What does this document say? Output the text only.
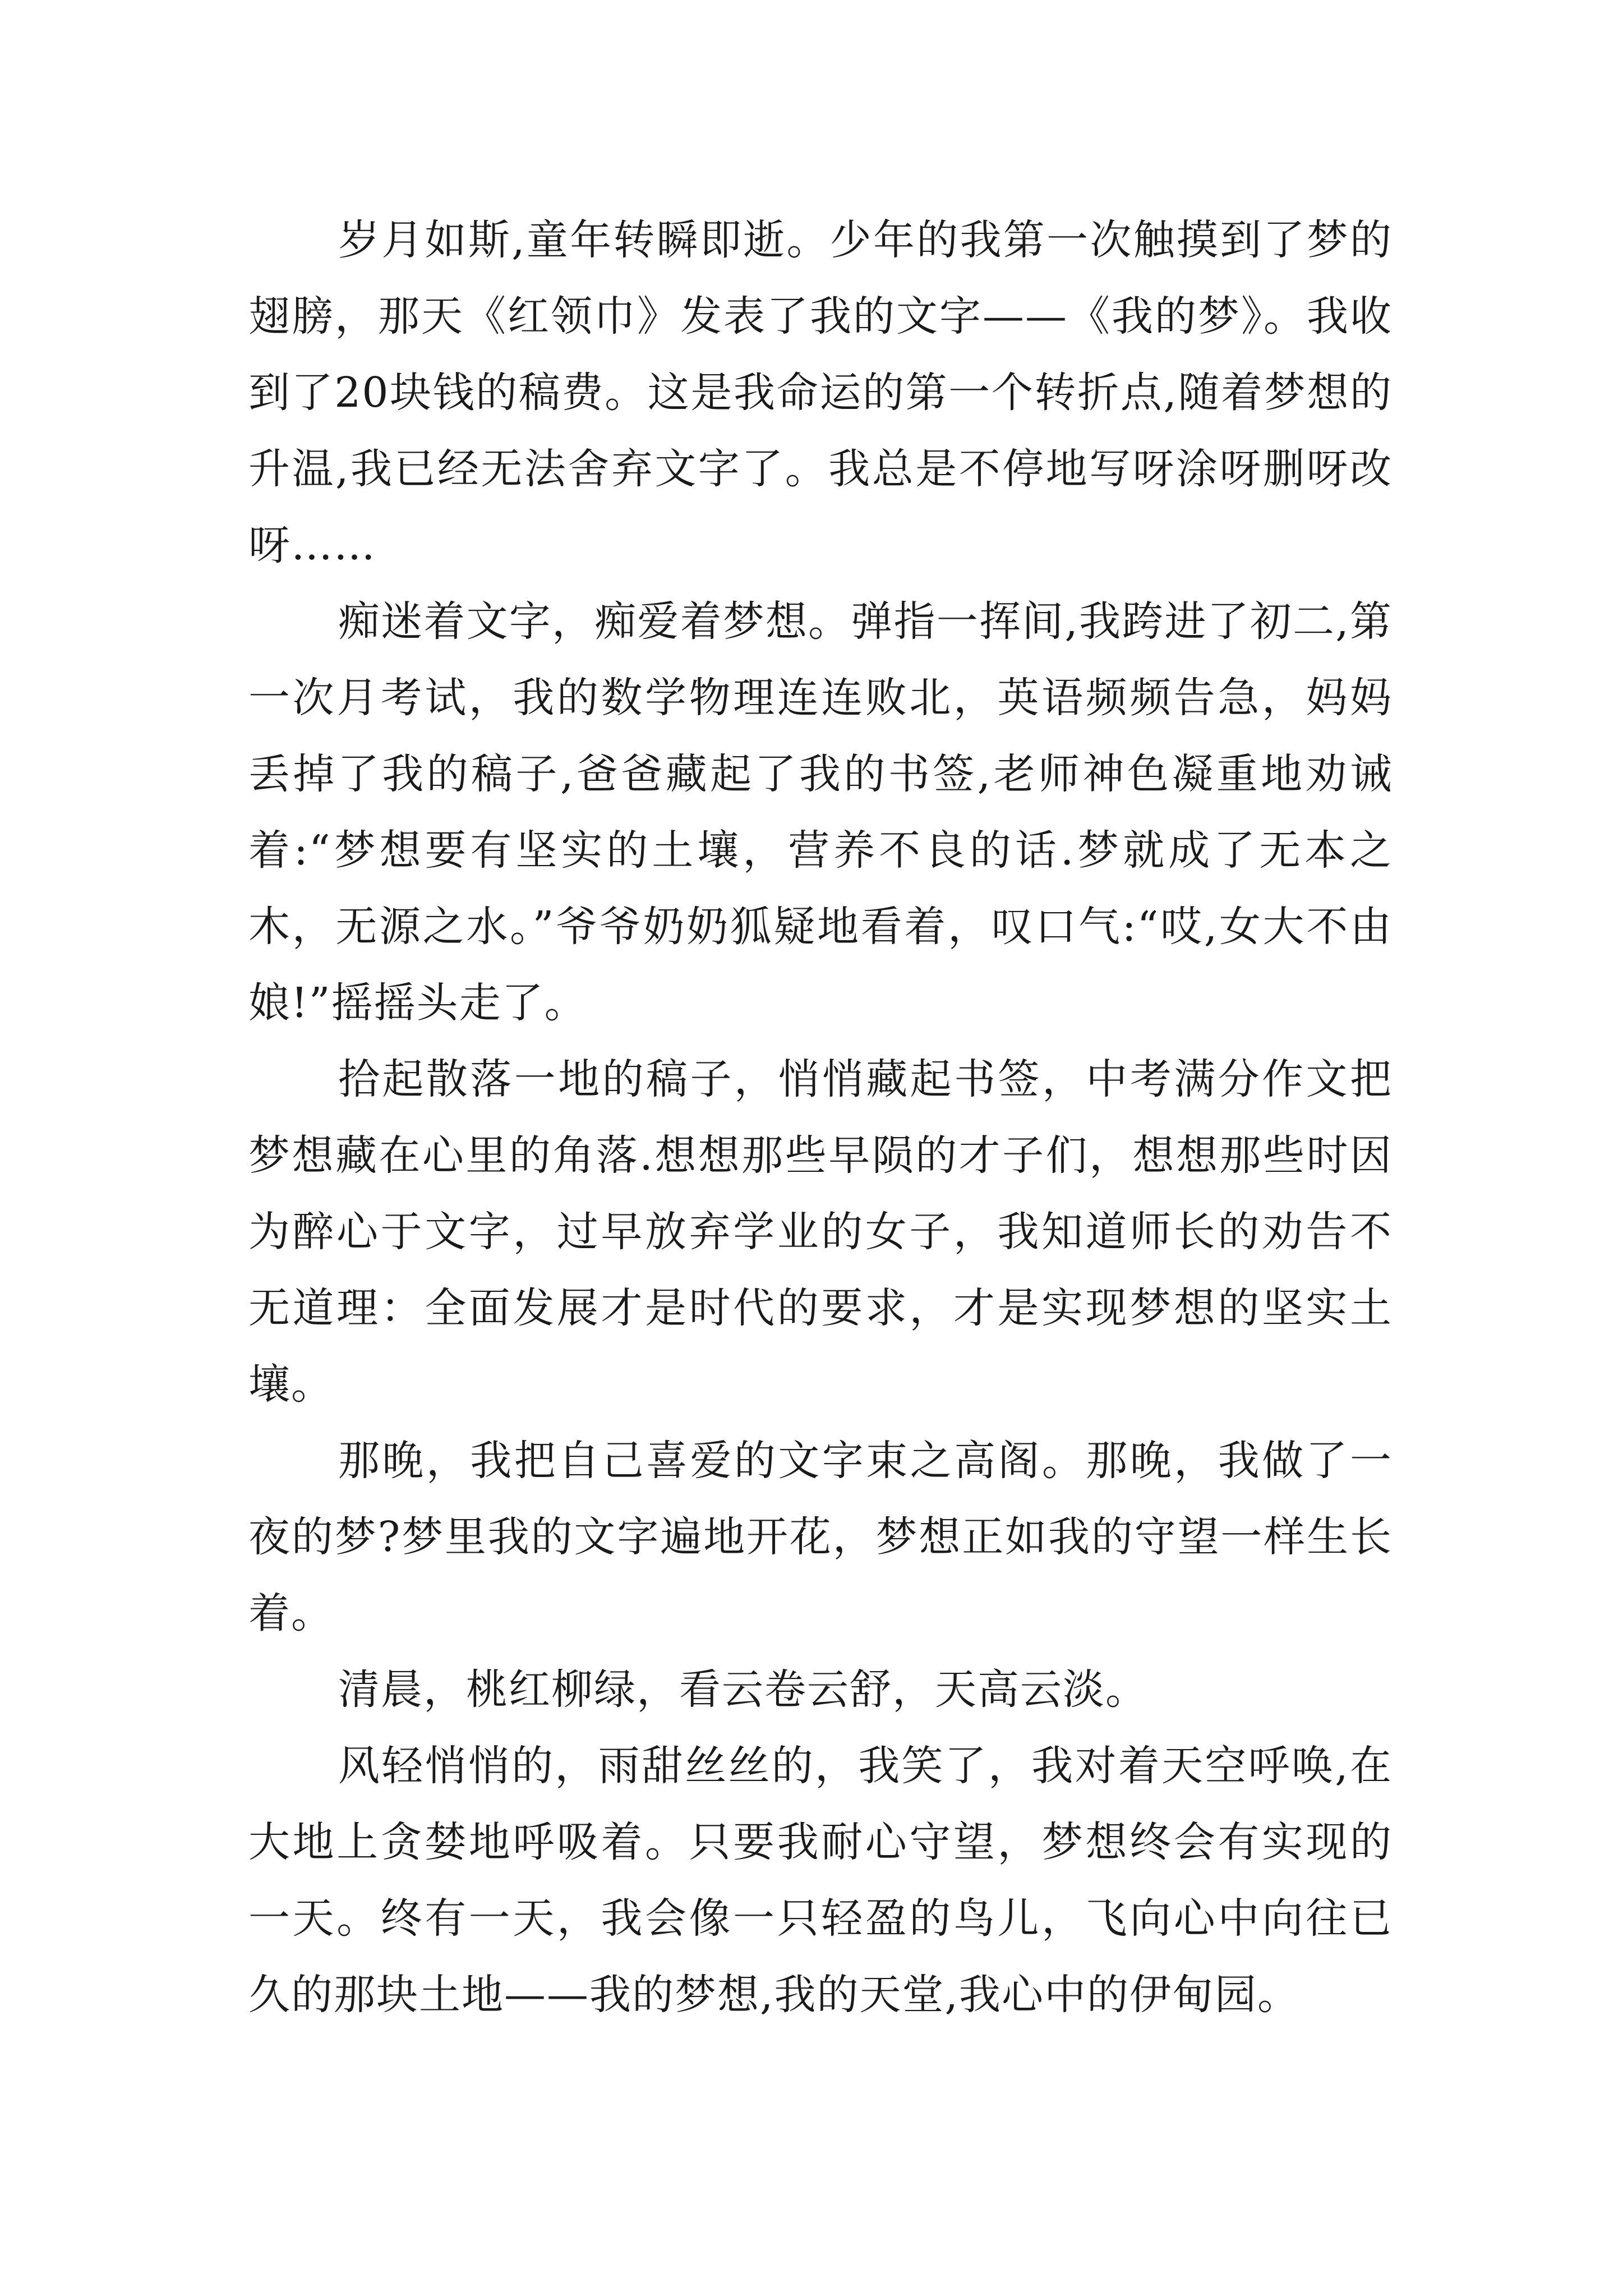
岁月如斯,童年转瞬即逝。少年的我第一次触摸到了梦的翅膀，那天《红领巾》发表了我的文字——《我的梦》。我收到了20块钱的稿费。这是我命运的第一个转折点,随着梦想的升温,我已经无法舍弃文字了。我总是不停地写呀涂呀删呀改呀……

痴迷着文字，痴爱着梦想。弹指一挥间,我跨进了初二,第一次月考试，我的数学物理连连败北，英语频频告急，妈妈丢掉了我的稿子,爸爸藏起了我的书签,老师神色凝重地劝诫着:“梦想要有坚实的土壤，营养不良的话.梦就成了无本之木，无源之水。”爷爷奶奶狐疑地看着，叹口气:“哎,女大不由娘!”摇摇头走了。

拾起散落一地的稿子，悄悄藏起书签，中考满分作文把梦想藏在心里的角落.想想那些早陨的才子们，想想那些时因为醉心于文字，过早放弃学业的女子，我知道师长的劝告不无道理：全面发展才是时代的要求，才是实现梦想的坚实土壤。

那晚，我把自己喜爱的文字束之高阁。那晚，我做了一夜的梦?梦里我的文字遍地开花，梦想正如我的守望一样生长着。

清晨，桃红柳绿，看云卷云舒，天高云淡。

风轻悄悄的，雨甜丝丝的，我笑了，我对着天空呼唤,在大地上贪婪地呼吸着。只要我耐心守望，梦想终会有实现的一天。终有一天，我会像一只轻盈的鸟儿，飞向心中向往已久的那块土地——我的梦想,我的天堂,我心中的伊甸园。
